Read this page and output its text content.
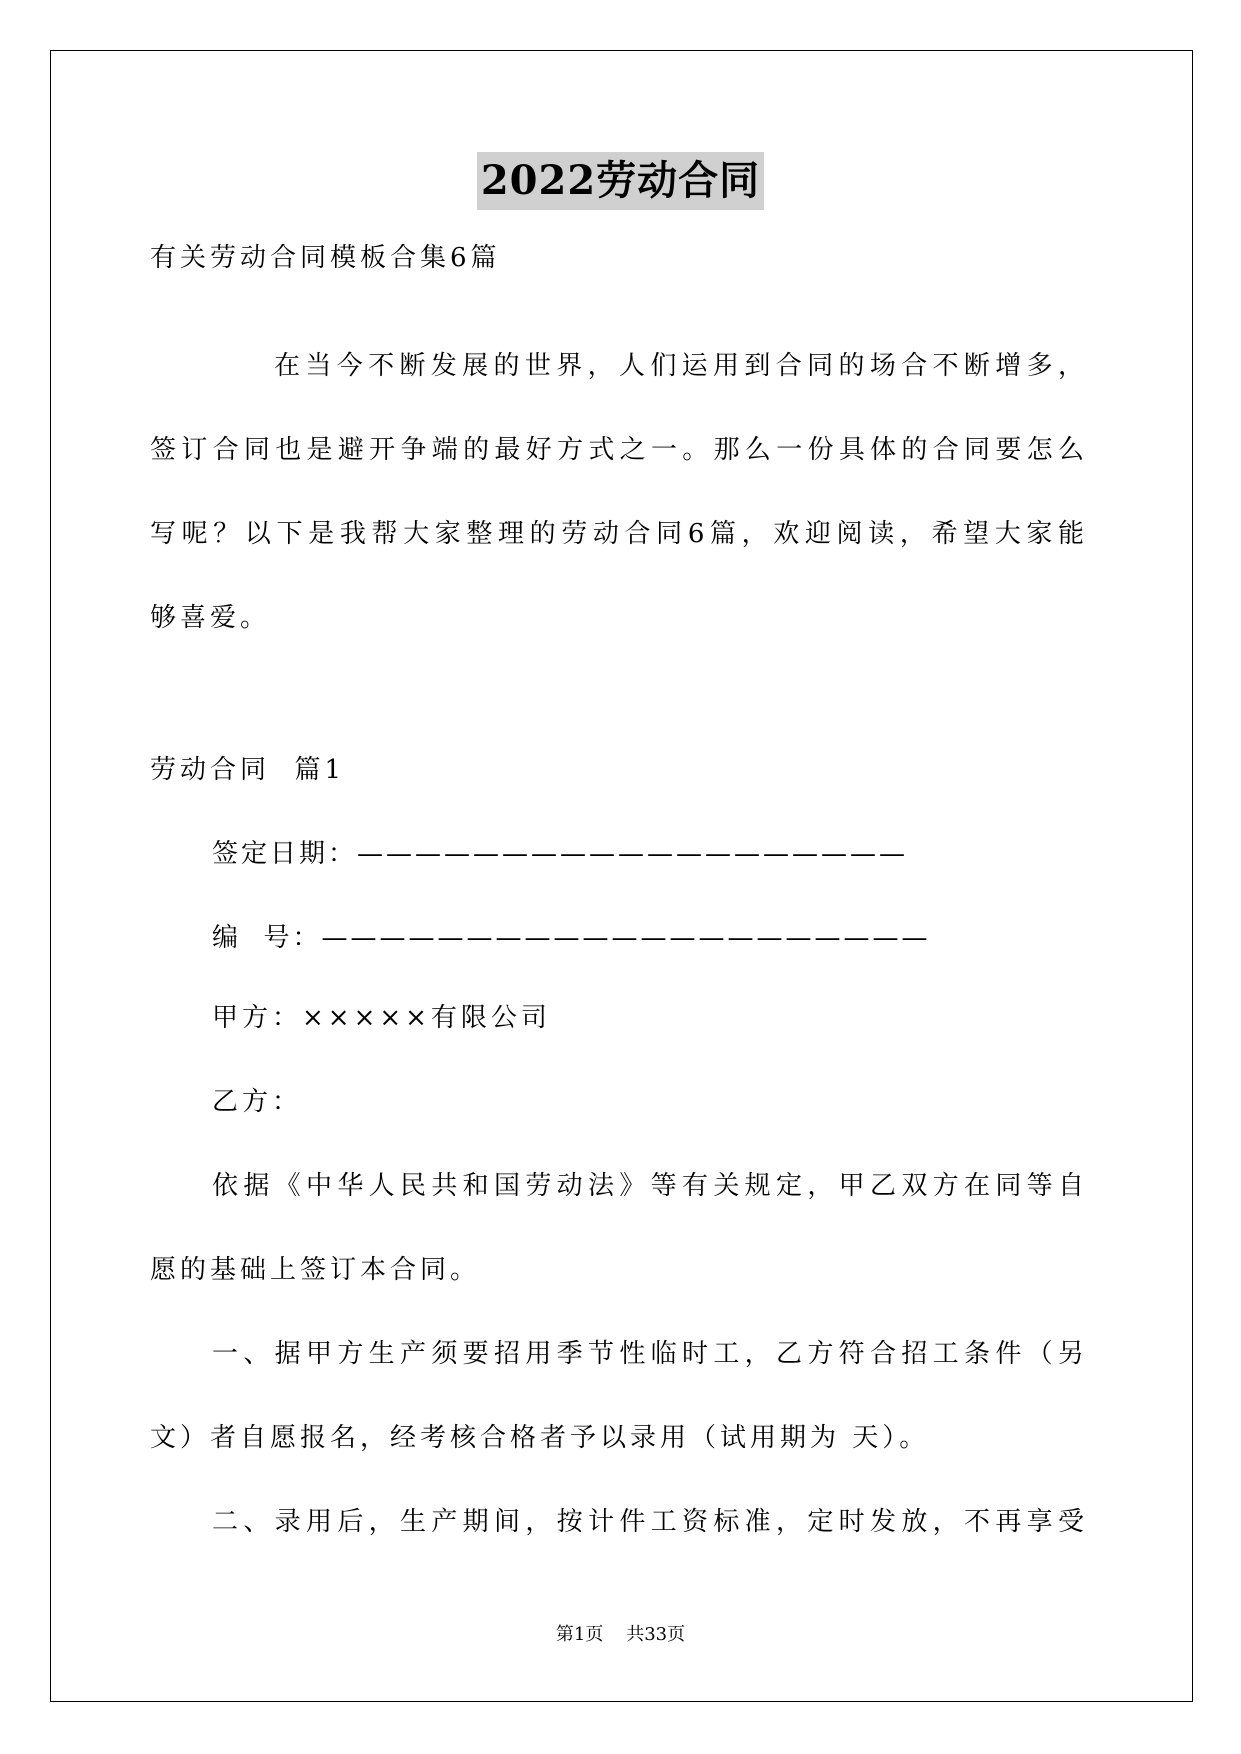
2022劳动合同
有关劳动合同模板合集6篇
在当今不断发展的世界，人们运用到合同的场合不断增多，
签订合同也是避开争端的最好方式之一。那么一份具体的合同要怎么
写呢？以下是我帮大家整理的劳动合同6篇，欢迎阅读，希望大家能
够喜爱。
劳动合同  篇1
签定日期：———————————————————
编  号：—————————————————————
甲方：×××××有限公司
乙方：
依据《中华人民共和国劳动法》等有关规定，甲乙双方在同等自
愿的基础上签订本合同。
一、据甲方生产须要招用季节性临时工，乙方符合招工条件（另
文）者自愿报名，经考核合格者予以录用（试用期为 天）。
二、录用后，生产期间，按计件工资标准，定时发放，不再享受
第1页    共33页
